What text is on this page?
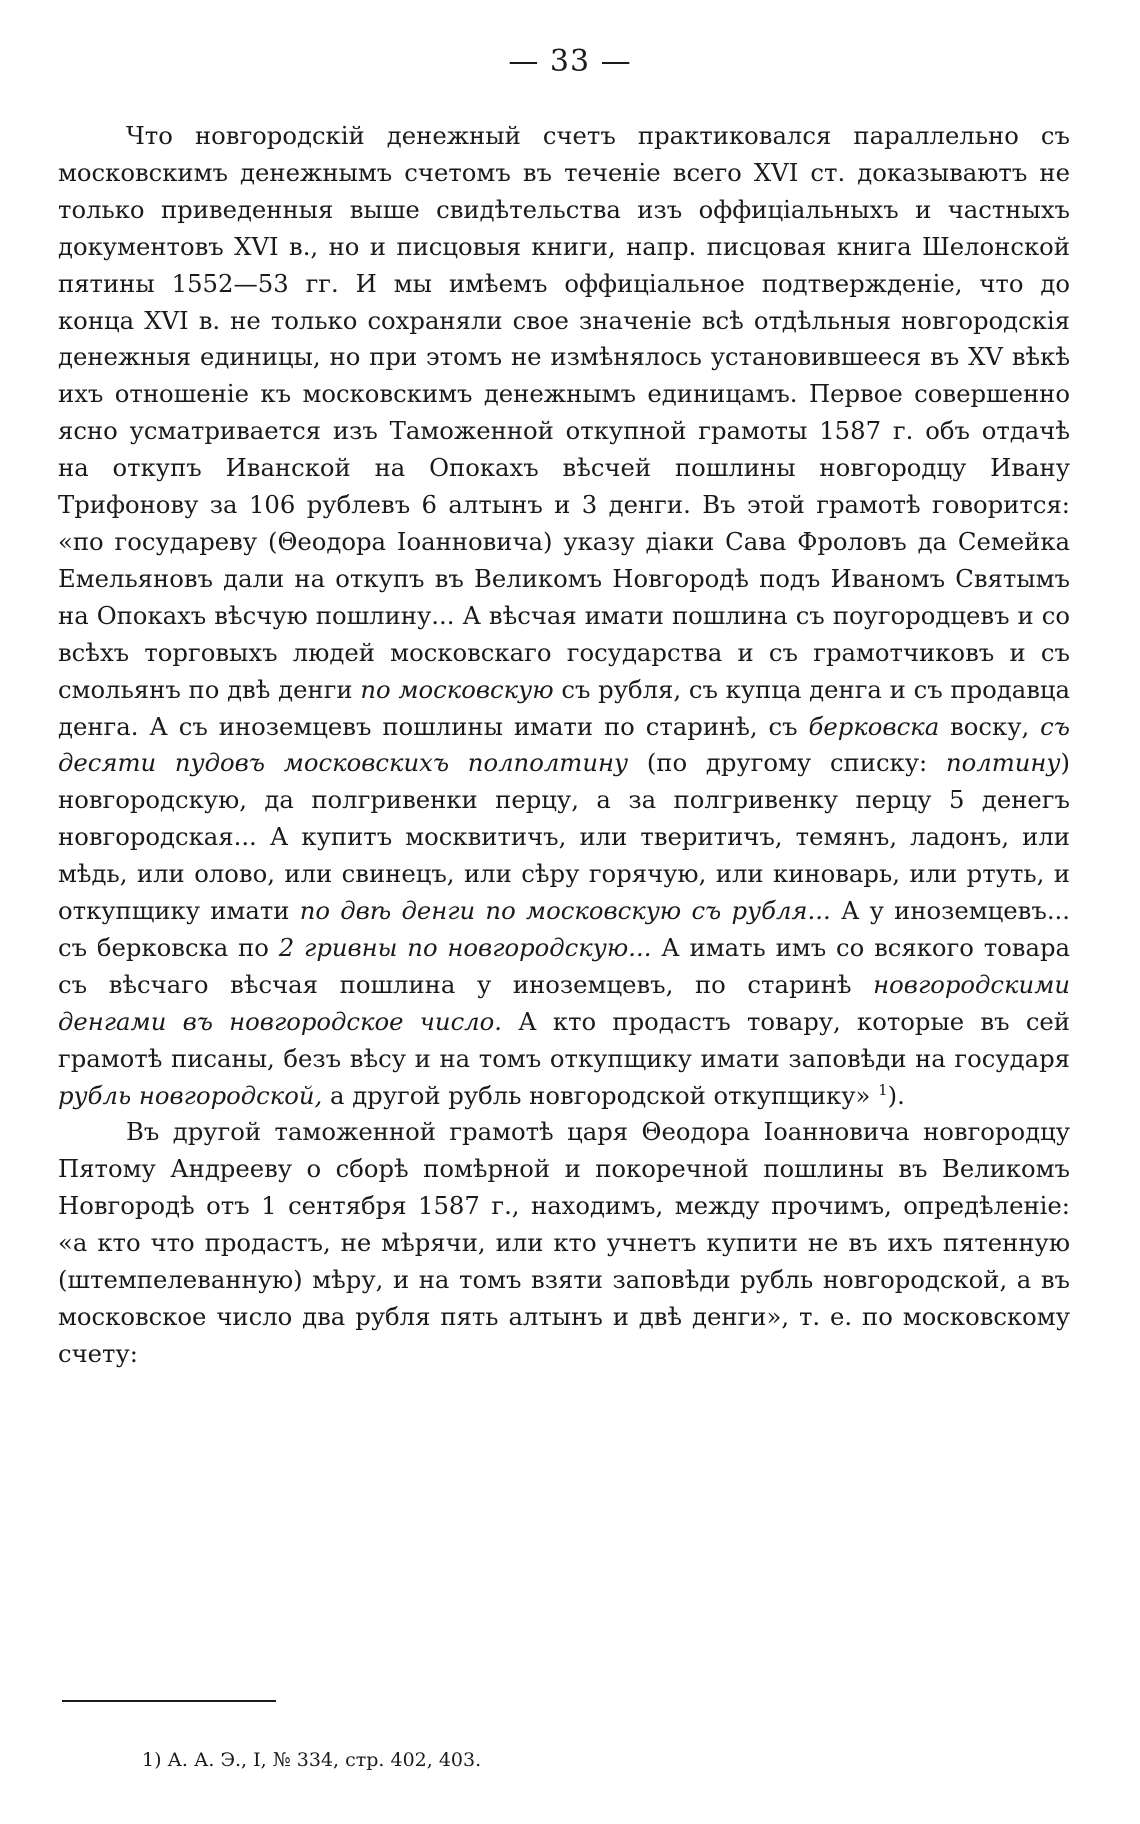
— 33 —

Что новгородскій денежный счетъ практиковался параллельно съ московскимъ денежнымъ счетомъ въ теченіе всего XVI ст. доказываютъ не только приведенныя выше свидѣтельства изъ оффиціальныхъ и частныхъ документовъ XVI в., но и писцовыя книги, напр. писцовая книга Шелонской пятины 1552—53 гг. И мы имѣемъ оффиціальное подтвержденіе, что до конца XVI в. не только сохраняли свое значеніе всѣ отдѣльныя новгородскія денежныя единицы, но при этомъ не измѣнялось установившееся въ XV вѣкѣ ихъ отношеніе къ московскимъ денежнымъ единицамъ. Первое совершенно ясно усматривается изъ Таможенной откупной грамоты 1587 г. объ отдачѣ на откупъ Иванской на Опокахъ вѣсчей пошлины новгородцу Ивану Трифонову за 106 рублевъ 6 алтынъ и 3 денги. Въ этой грамотѣ говорится: «по государеву (Θеодора Іоанновича) указу діаки Сава Фроловъ да Семейка Емельяновъ дали на откупъ въ Великомъ Новгородѣ подъ Иваномъ Святымъ на Опокахъ вѣсчую пошлину... А вѣсчая имати пошлина съ поугородцевъ и со всѣхъ торговыхъ людей московскаго государства и съ грамотчиковъ и съ смольянъ по двѣ денги по московскую съ рубля, съ купца денга и съ продавца денга. А съ иноземцевъ пошлины имати по старинѣ, съ берковска воску, съ десяти пудовъ московскихъ полполтину (по другому списку: полтину) новгородскую, да полгривенки перцу, а за полгривенку перцу 5 денегъ новгородская... А купитъ москвитичъ, или тверитичъ, темянъ, ладонъ, или мѣдь, или олово, или свинецъ, или сѣру горячую, или киноварь, или ртуть, и откупщику имати по двѣ денги по московскую съ рубля... А у иноземцевъ... съ берковска по 2 гривны по новгородскую... А имать имъ со всякого товара съ вѣсчаго вѣсчая пошлина у иноземцевъ, по старинѣ новгородскими денгами въ новгородское число. А кто продастъ товару, которые въ сей грамотѣ писаны, безъ вѣсу и на томъ откупщику имати заповѣди на государя рубль новгородской, а другой рубль новгородской откупщику» $^1$).

Въ другой таможенной грамотѣ царя Θеодора Іоанновича новгородцу Пятому Андрееву о сборѣ помѣрной и покоречной пошлины въ Великомъ Новгородѣ отъ 1 сентября 1587 г., находимъ, между прочимъ, опредѣленіе: «а кто что продастъ, не мѣрячи, или кто учнетъ купити не въ ихъ пятенную (штемпелеванную) мѣру, и на томъ взяти заповѣди рубль новгородской, а въ московское число два рубля пять алтынъ и двѣ денги», т. е. по московскому счету:

1) А. А. Э., I, № 334, стр. 402, 403.
